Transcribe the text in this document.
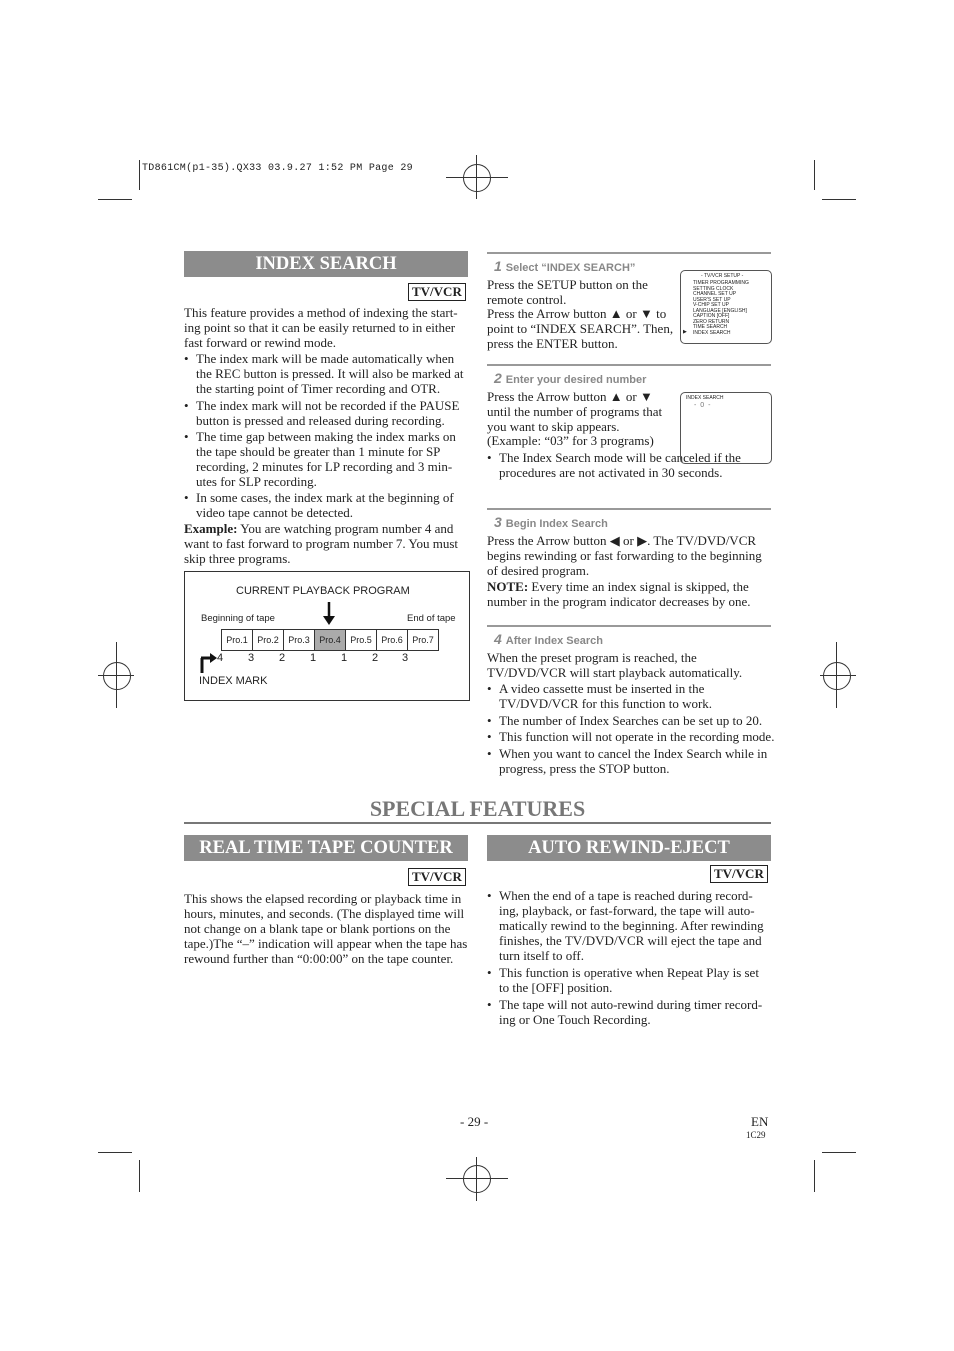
TD861CM(p1-35).QX33 03.9.27 1:52 PM Page 29
INDEX SEARCH
TV/VCR
This feature provides a method of indexing the start-ing point so that it can be easily returned to in either fast forward or rewind mode.
• The index mark will be made automatically when the REC button is pressed. It will also be marked at the starting point of Timer recording and OTR.
• The index mark will not be recorded if the PAUSE button is pressed and released during recording.
• The time gap between making the index marks on the tape should be greater than 1 minute for SP recording, 2 minutes for LP recording and 3 min-utes for SLP recording.
• In some cases, the index mark at the beginning of video tape cannot be detected.
Example: You are watching program number 4 and want to fast forward to program number 7. You must skip three programs.
CURRENT PLAYBACK PROGRAM
Beginning of tape	End of tape
Pro.1	Pro.2	Pro.3	Pro.4	Pro.5	Pro.6	Pro.7
4 3 2 1 1 2 3
INDEX MARK
1 Select “INDEX SEARCH”
Press the SETUP button on the remote control.
Press the Arrow button ▲ or ▼ to point to “INDEX SEARCH”. Then, press the ENTER button.
- TV/VCR SETUP -
TIMER PROGRAMMING
SETTING CLOCK
CHANNEL SET UP
USER'S SET UP
V-CHIP SET UP
LANGUAGE [ENGLISH]
CAPTION [OFF]
ZERO RETURN
TIME SEARCH
INDEX SEARCH
▶
2 Enter your desired number
Press the Arrow button ▲ or ▼ until the number of programs that you want to skip appears.
(Example: “03” for 3 programs)
• The Index Search mode will be canceled if the procedures are not activated in 30 seconds.
INDEX SEARCH
- 0 -
3 Begin Index Search
Press the Arrow button ◀ or ▶. The TV/DVD/VCR begins rewinding or fast forwarding to the beginning of desired program.
NOTE: Every time an index signal is skipped, the number in the program indicator decreases by one.
4 After Index Search
When the preset program is reached, the TV/DVD/VCR will start playback automatically.
• A video cassette must be inserted in the TV/DVD/VCR for this function to work.
• The number of Index Searches can be set up to 20.
• This function will not operate in the recording mode.
• When you want to cancel the Index Search while in progress, press the STOP button.
SPECIAL FEATURES
REAL TIME TAPE COUNTER
TV/VCR
This shows the elapsed recording or playback time in hours, minutes, and seconds. (The displayed time will not change on a blank tape or blank portions on the tape.)The “–” indication will appear when the tape has rewound further than “0:00:00” on the tape counter.
AUTO REWIND-EJECT
TV/VCR
• When the end of a tape is reached during record-ing, playback, or fast-forward, the tape will auto-matically rewind to the beginning. After rewinding finishes, the TV/DVD/VCR will eject the tape and turn itself to off.
• This function is operative when Repeat Play is set to the [OFF] position.
• The tape will not auto-rewind during timer record-ing or One Touch Recording.
- 29 -	EN
1C29
